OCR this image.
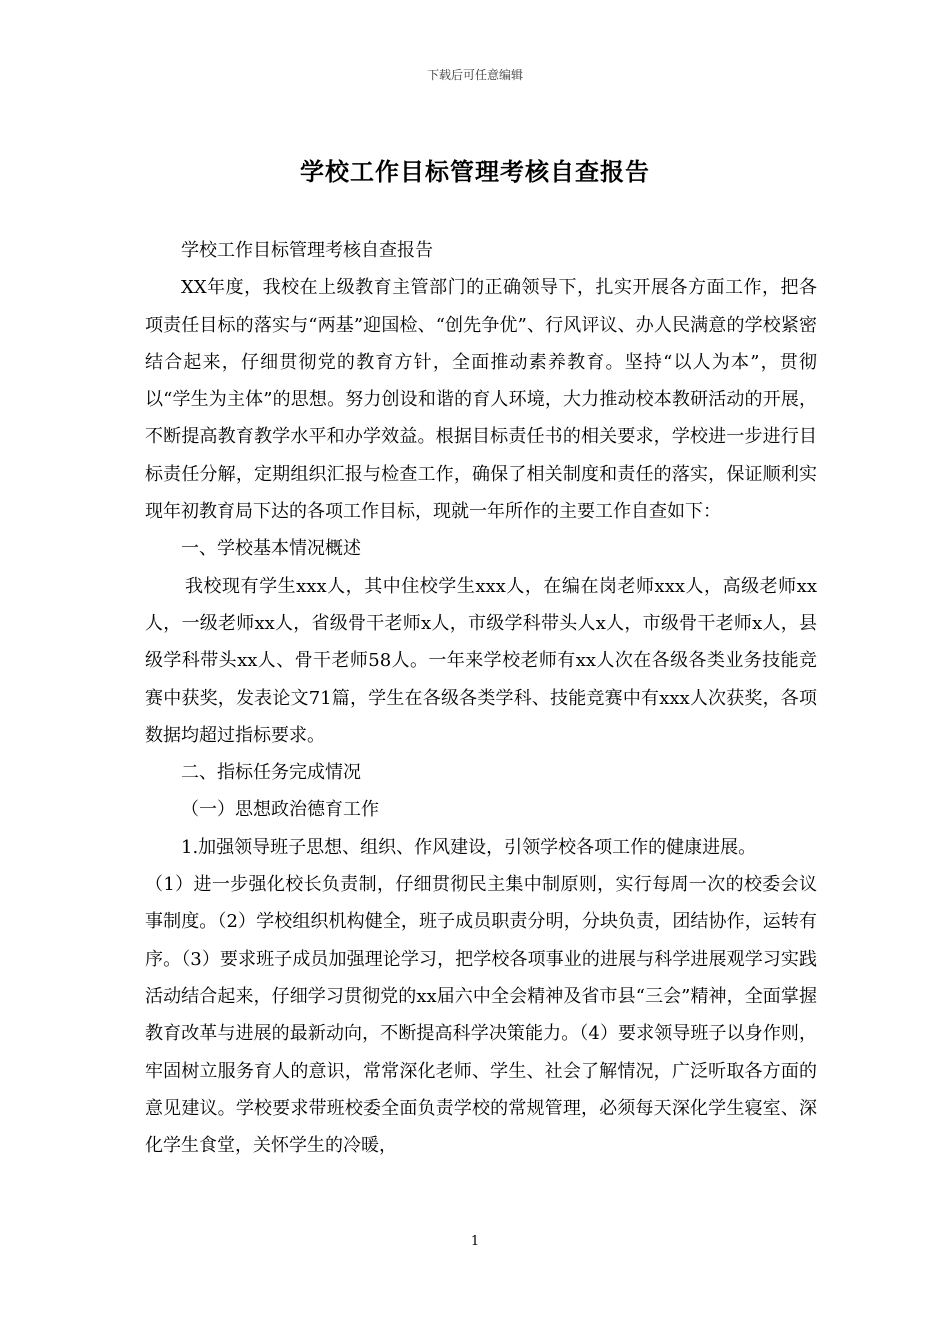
下载后可任意编辑
学校工作目标管理考核自查报告

学校工作目标管理考核自查报告

XX年度，我校在上级教育主管部门的正确领导下，扎实开展各方面工作，把各项责任目标的落实与“两基”迎国检、“创先争优”、行风评议、办人民满意的学校紧密结合起来，仔细贯彻党的教育方针，全面推动素养教育。坚持“以人为本”，贯彻以“学生为主体”的思想。努力创设和谐的育人环境，大力推动校本教研活动的开展，不断提高教育教学水平和办学效益。根据目标责任书的相关要求，学校进一步进行目标责任分解，定期组织汇报与检查工作，确保了相关制度和责任的落实，保证顺利实现年初教育局下达的各项工作目标，现就一年所作的主要工作自查如下：

一、学校基本情况概述

我校现有学生xxx人，其中住校学生xxx人，在编在岗老师xxx人，高级老师xx人，一级老师xx人，省级骨干老师x人，市级学科带头人x人，市级骨干老师x人，县级学科带头xx人、骨干老师58人。一年来学校老师有xx人次在各级各类业务技能竞赛中获奖，发表论文71篇，学生在各级各类学科、技能竞赛中有xxx人次获奖，各项数据均超过指标要求。

二、指标任务完成情况

（一）思想政治德育工作

1.加强领导班子思想、组织、作风建设，引领学校各项工作的健康进展。

（1）进一步强化校长负责制，仔细贯彻民主集中制原则，实行每周一次的校委会议事制度。（2）学校组织机构健全，班子成员职责分明，分块负责，团结协作，运转有序。（3）要求班子成员加强理论学习，把学校各项事业的进展与科学进展观学习实践活动结合起来，仔细学习贯彻党的xx届六中全会精神及省市县“三会”精神，全面掌握教育改革与进展的最新动向，不断提高科学决策能力。（4）要求领导班子以身作则，牢固树立服务育人的意识，常常深化老师、学生、社会了解情况，广泛听取各方面的意见建议。学校要求带班校委全面负责学校的常规管理，必须每天深化学生寝室、深化学生食堂，关怀学生的冷暖，

1
